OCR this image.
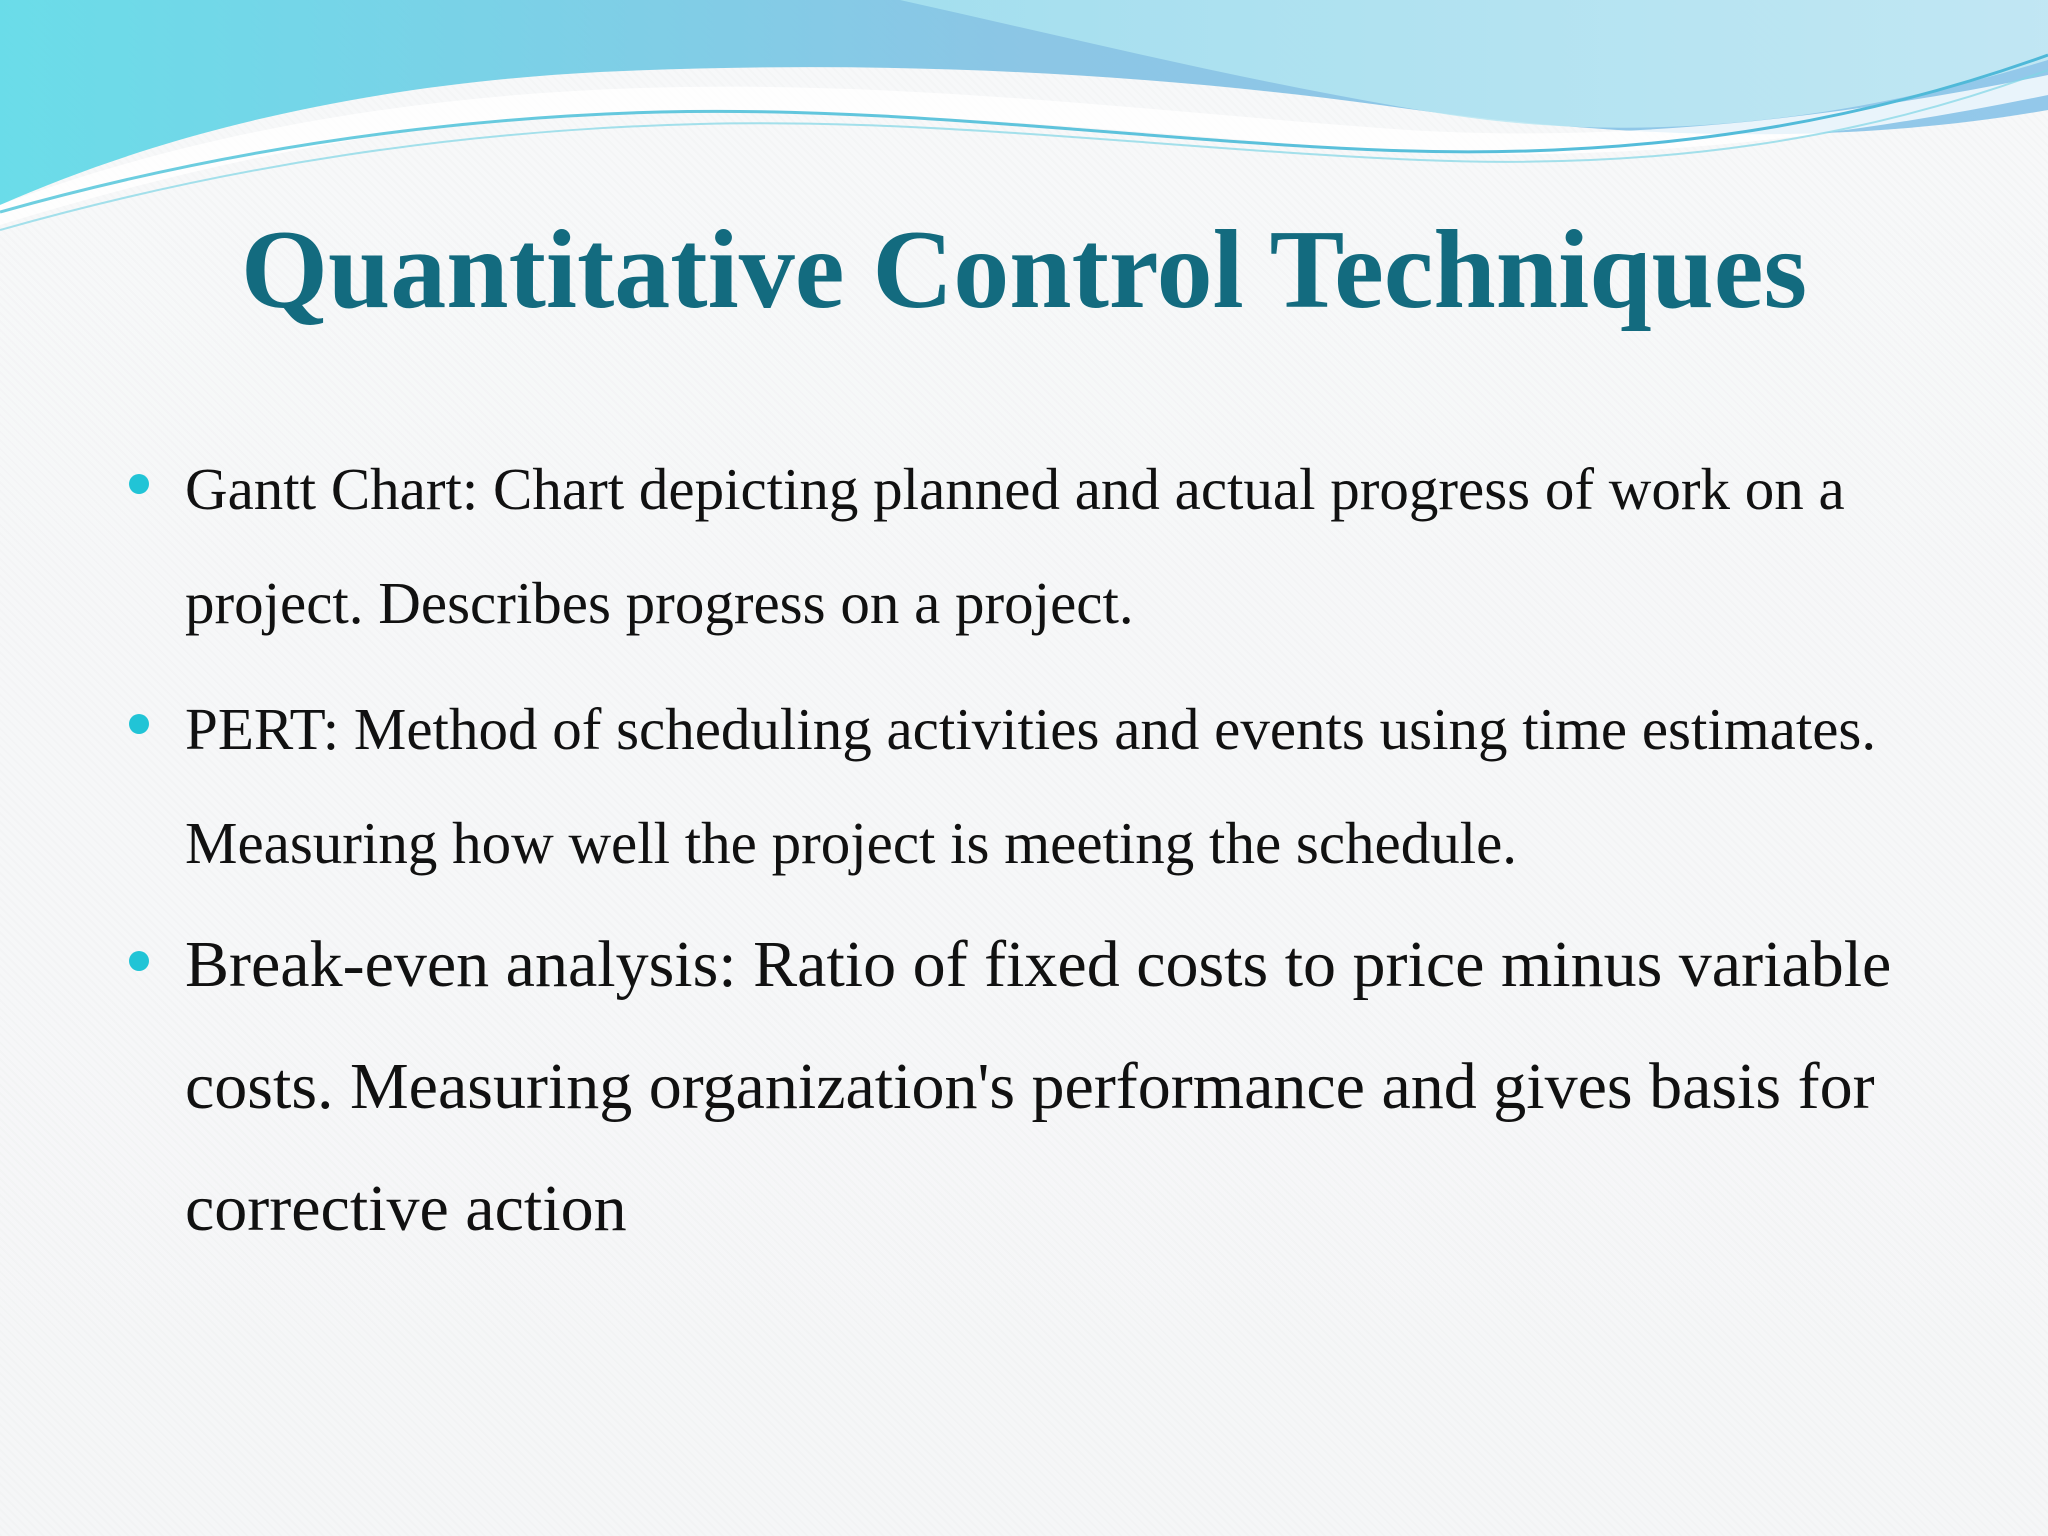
Quantitative Control Techniques
Gantt Chart: Chart depicting planned and actual progress of work on a project. Describes progress on a project.
PERT: Method of scheduling activities and events using time estimates. Measuring how well the project is meeting the schedule.
Break-even analysis: Ratio of fixed costs to price minus variable costs. Measuring organization's performance and gives basis for corrective action
